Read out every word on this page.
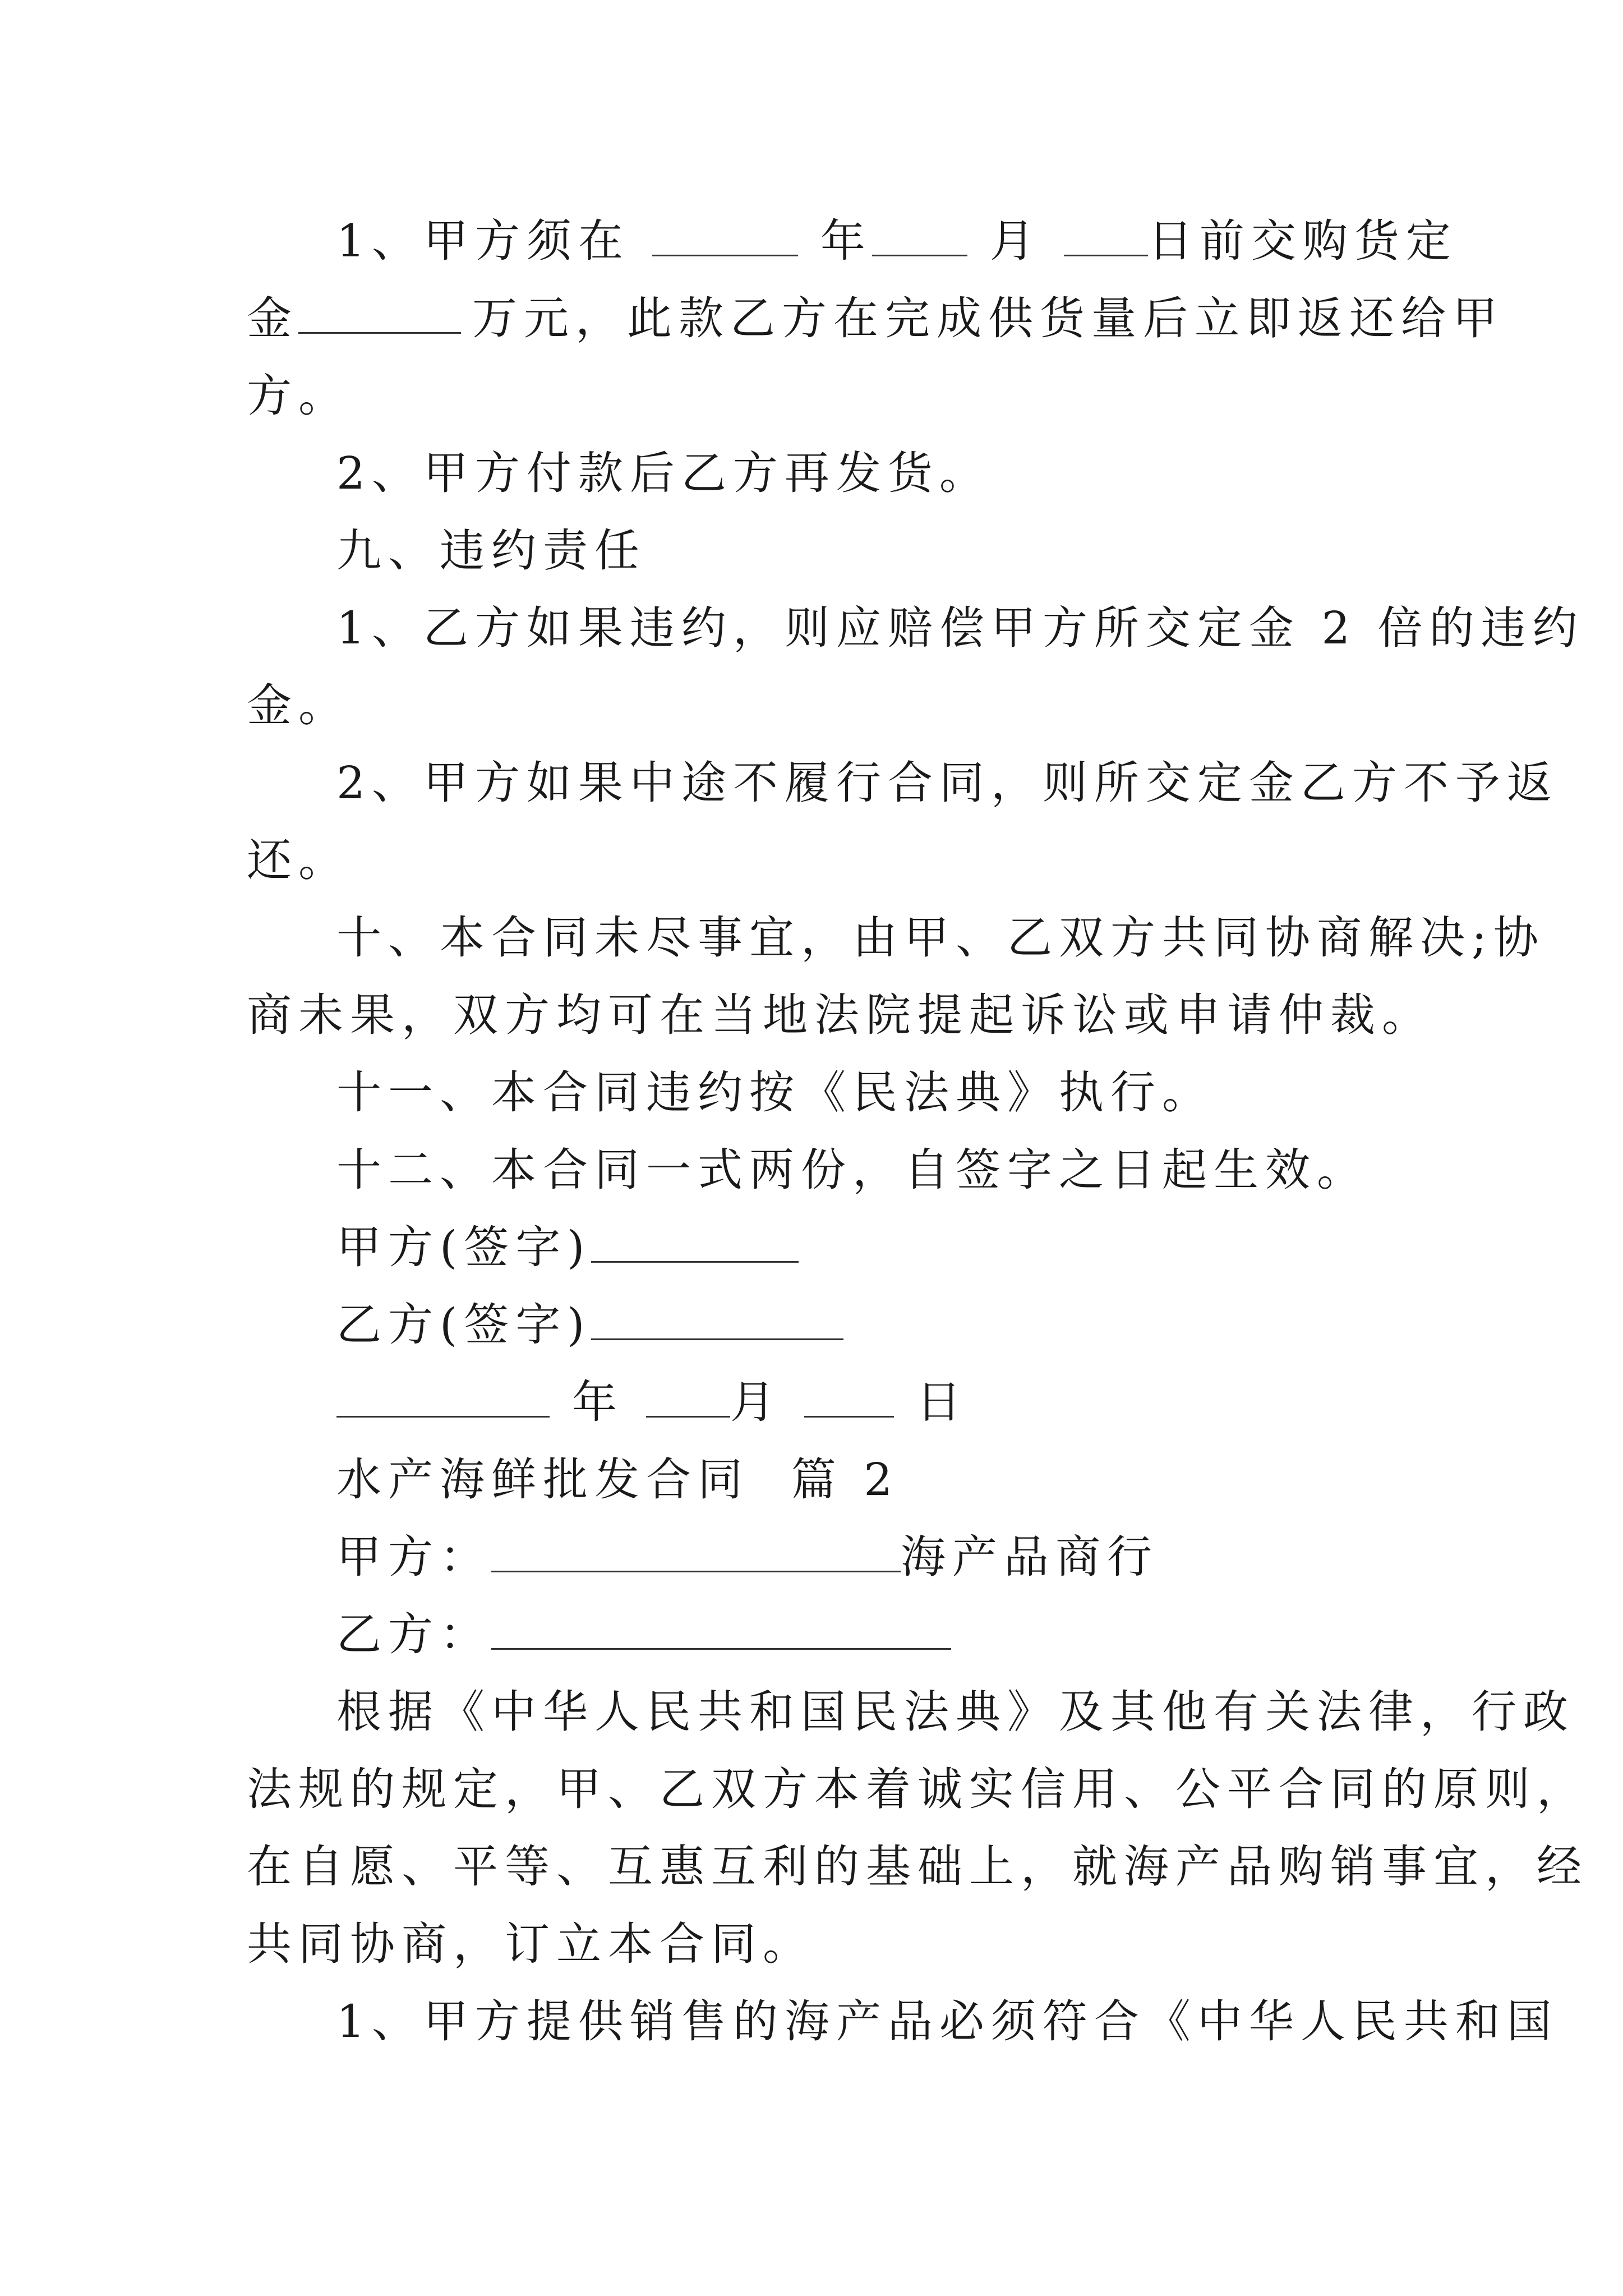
1、甲方须在	年	月 日前交购货定
金	万元，此款乙方在完成供货量后立即返还给甲
方。
2、甲方付款后乙方再发货。
九、违约责任
1、乙方如果违约，则应赔偿甲方所交定金 2 倍的违约
金。
2、甲方如果中途不履行合同，则所交定金乙方不予返
还。
十、本合同未尽事宜，由甲、乙双方共同协商解决;协
商未果，双方均可在当地法院提起诉讼或申请仲裁。
十一、本合同违约按《民法典》执行。
十二、本合同一式两份，自签字之日起生效。
甲方(签字)
乙方(签字)
年 月	日
水产海鲜批发合同  篇 2
甲方：	海产品商行
乙方：
根据《中华人民共和国民法典》及其他有关法律，行政
法规的规定，甲、乙双方本着诚实信用、公平合同的原则，
在自愿、平等、互惠互利的基础上，就海产品购销事宜，经
共同协商，订立本合同。
1、甲方提供销售的海产品必须符合《中华人民共和国
